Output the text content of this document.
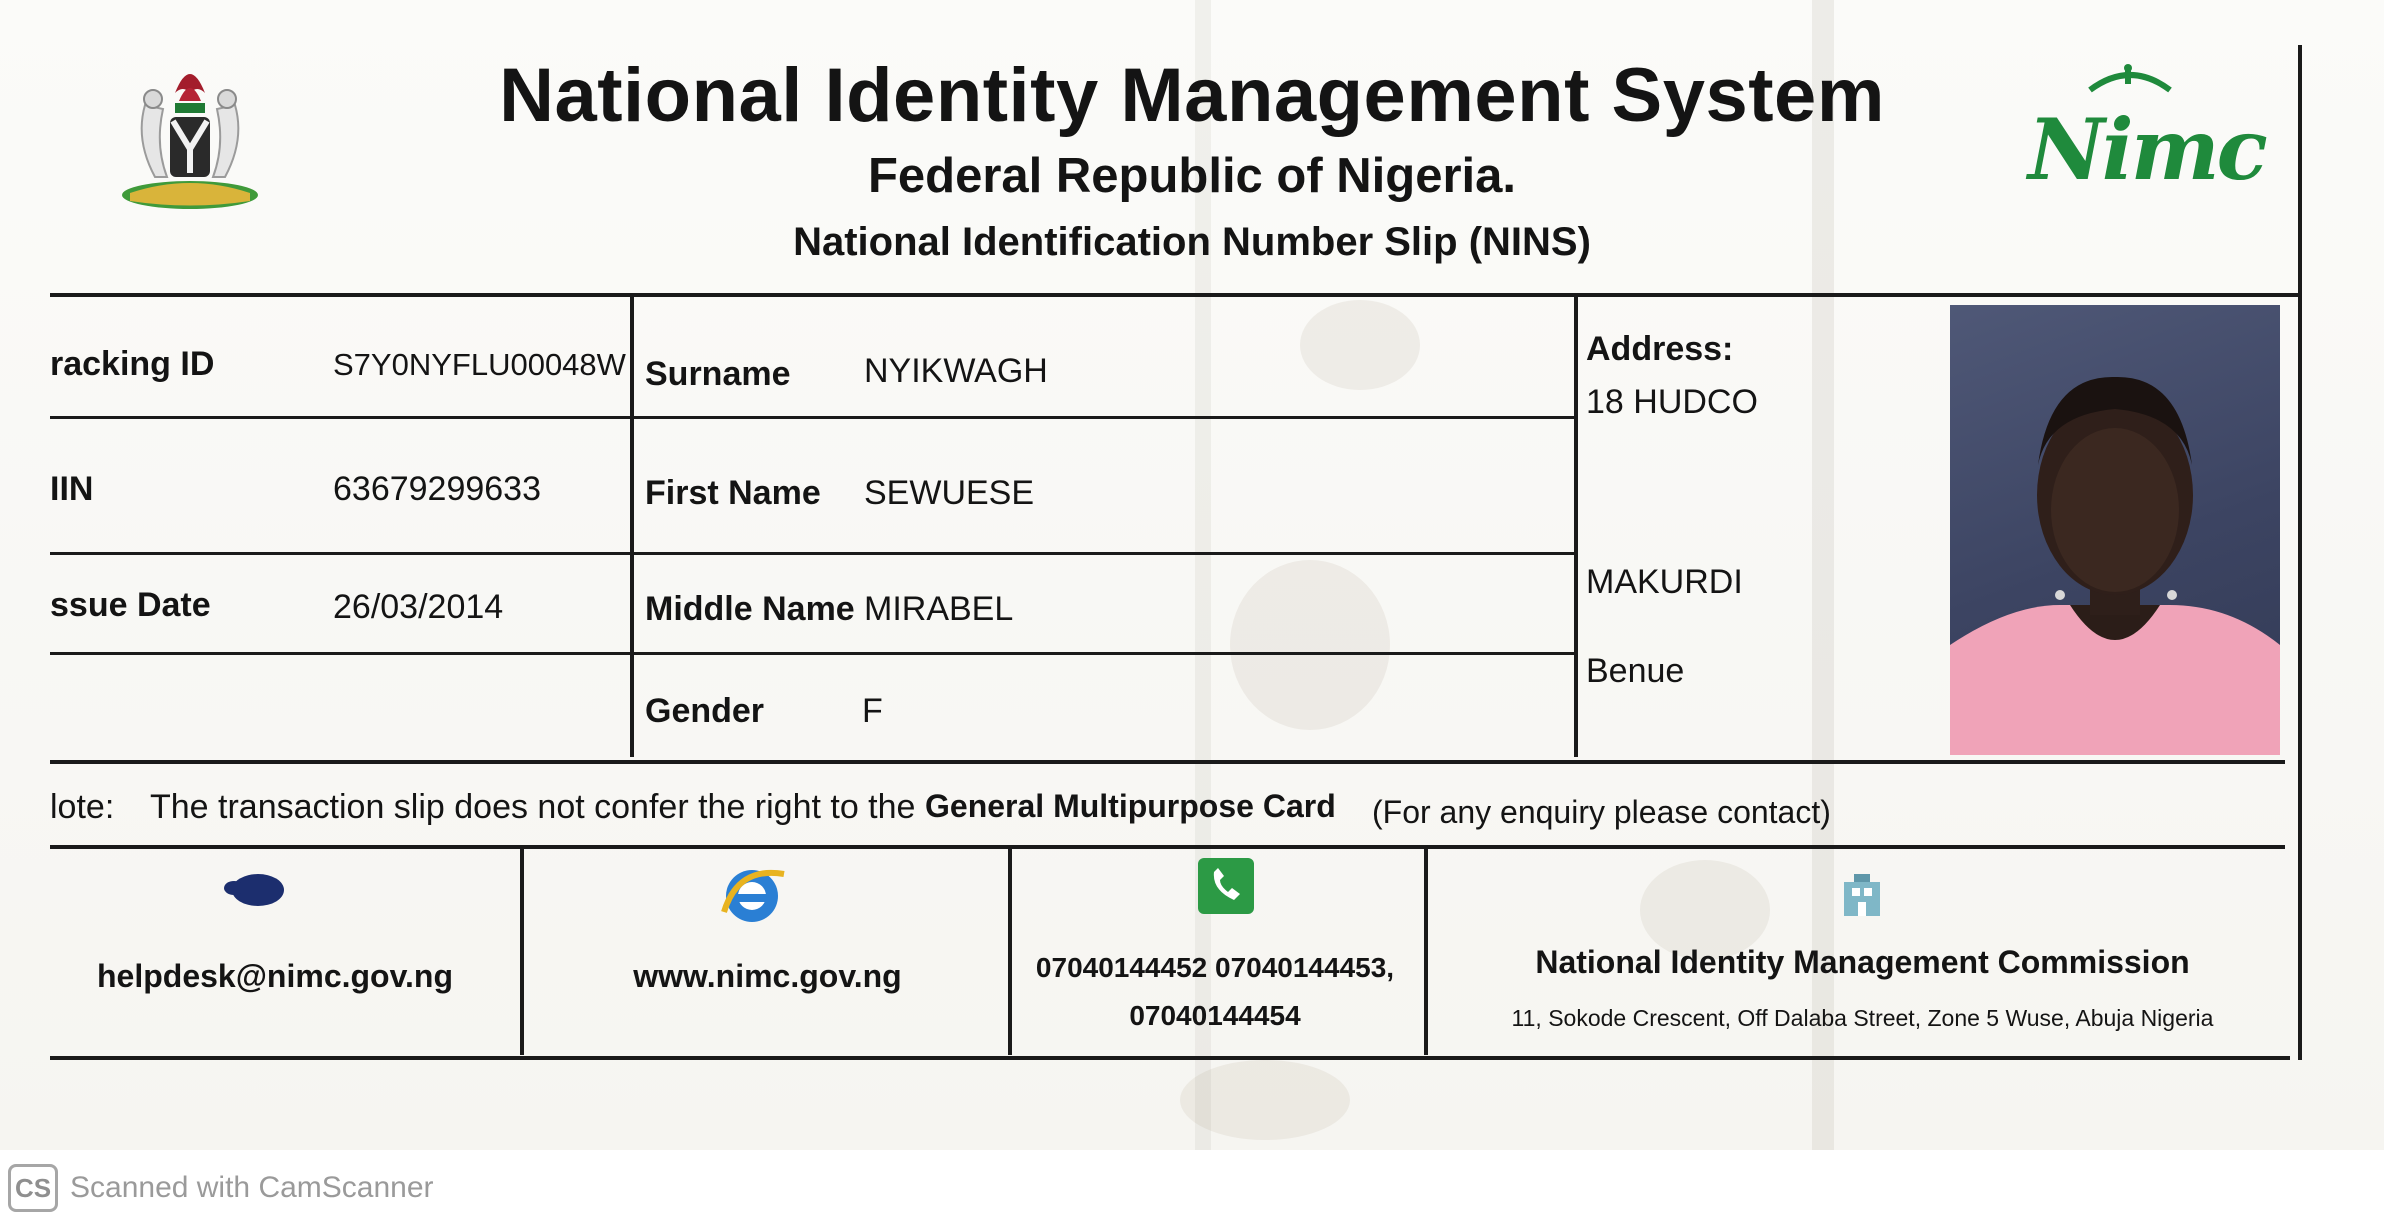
National Identity Management System
Federal Republic of Nigeria.
National Identification Number Slip (NINS)
Nimc
racking ID	S7Y0NYFLU00048W
IIN	63679299633
ssue Date	26/03/2014
Surname NYIKWAGH
First Name SEWUESE
Middle Name MIRABEL
Gender	F
Address:
18 HUDCO
MAKURDI
Benue
lote: The transaction slip does not confer the right to the General Multipurpose Card (For any enquiry please contact)
helpdesk@nimc.gov.ng	www.nimc.gov.ng	07040144452 07040144453,
07040144454
National Identity Management Commission
11, Sokode Crescent, Off Dalaba Street, Zone 5 Wuse, Abuja Nigeria
CS Scanned with CamScanner
